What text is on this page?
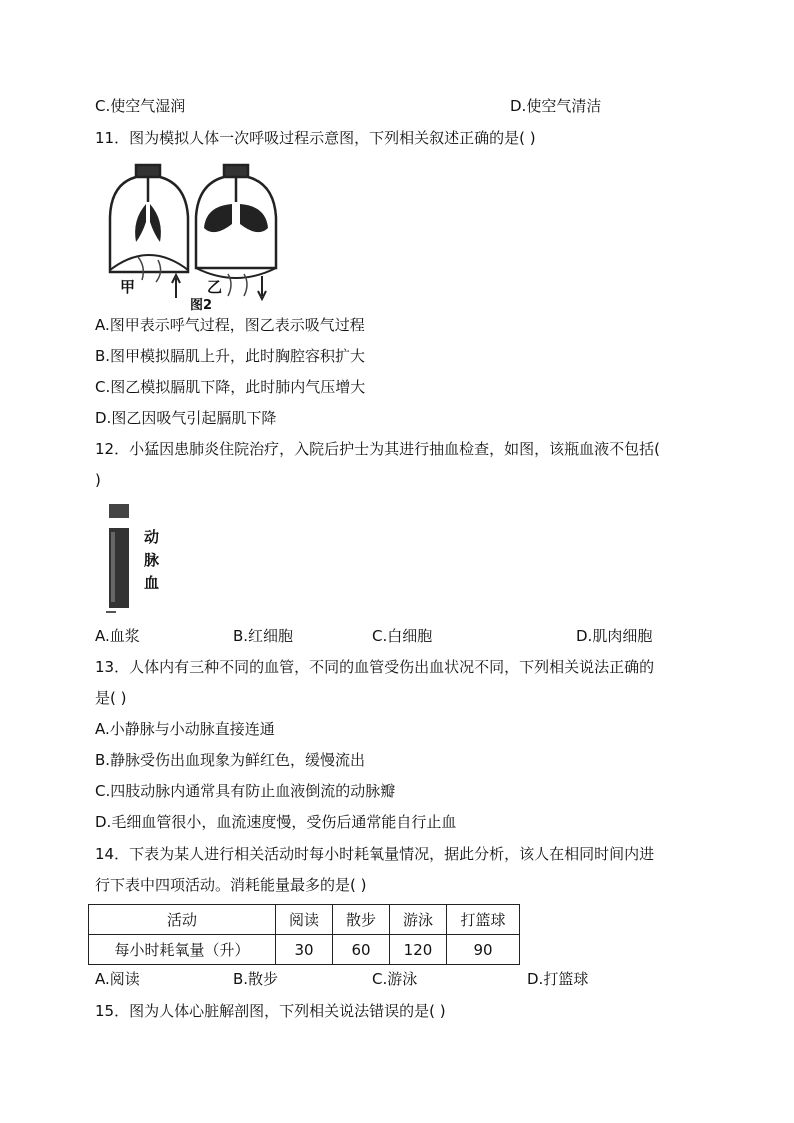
C.使空气湿润	D.使空气清洁
11．图为模拟人体一次呼吸过程示意图，下列相关叙述正确的是( )
甲	乙
图2
A.图甲表示呼气过程，图乙表示吸气过程
B.图甲模拟膈肌上升，此时胸腔容积扩大
C.图乙模拟膈肌下降，此时肺内气压增大
D.图乙因吸气引起膈肌下降
12．小猛因患肺炎住院治疗，入院后护士为其进行抽血检查，如图，该瓶血液不包括(
)
动
脉
血
A.血浆	B.红细胞	C.白细胞	D.肌肉细胞
13．人体内有三种不同的血管，不同的血管受伤出血状况不同，下列相关说法正确的
是( )
A.小静脉与小动脉直接连通
B.静脉受伤出血现象为鲜红色，缓慢流出
C.四肢动脉内通常具有防止血液倒流的动脉瓣
D.毛细血管很小，血流速度慢，受伤后通常能自行止血
14．下表为某人进行相关活动时每小时耗氧量情况，据此分析，该人在相同时间内进
行下表中四项活动。消耗能量最多的是( )
活动	阅读	散步	游泳	打篮球
每小时耗氧量（升）	30	60	120	90
A.阅读	B.散步	C.游泳	D.打篮球
15．图为人体心脏解剖图，下列相关说法错误的是( )
